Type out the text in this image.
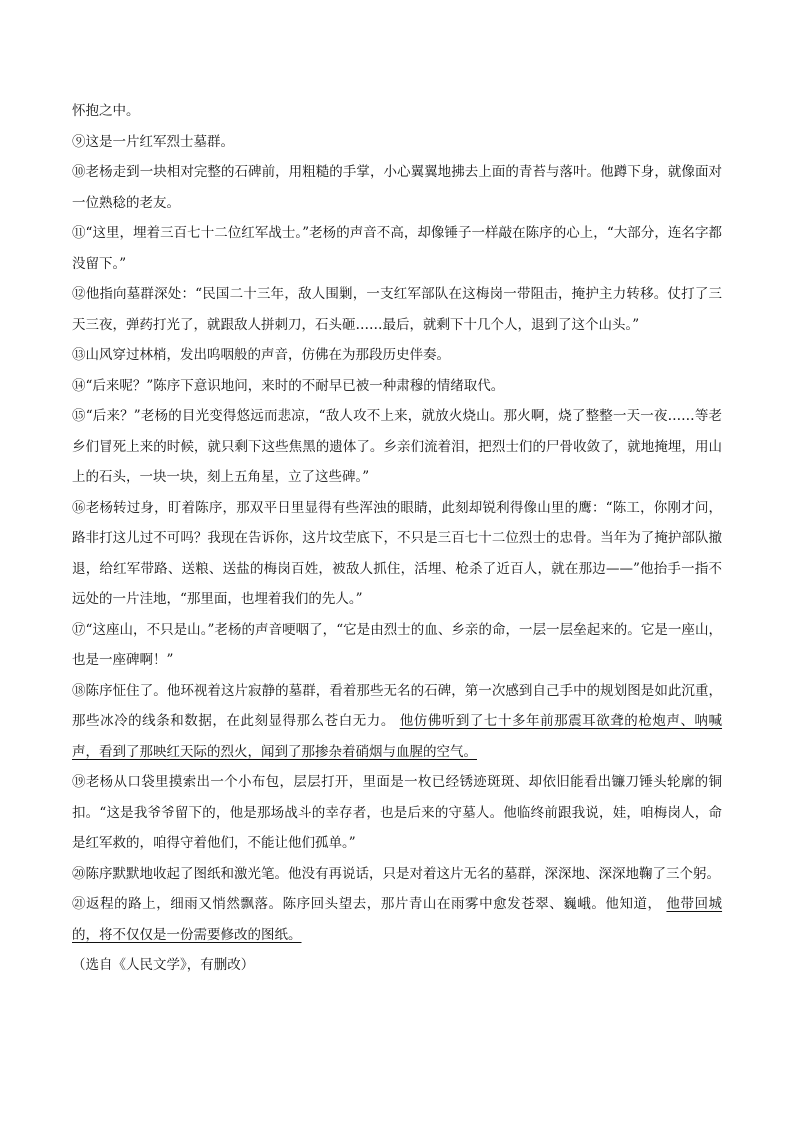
怀抱之中。

⑨这是一片红军烈士墓群。

⑩老杨走到一块相对完整的石碑前，用粗糙的手掌，小心翼翼地拂去上面的青苔与落叶。他蹲下身，就像面对一位熟稔的老友。

⑪“这里，埋着三百七十二位红军战士。”老杨的声音不高，却像锤子一样敲在陈序的心上，“大部分，连名字都没留下。”

⑫他指向墓群深处：“民国二十三年，敌人围剿，一支红军部队在这梅岗一带阻击，掩护主力转移。仗打了三天三夜，弹药打光了，就跟敌人拼刺刀，石头砸……最后，就剩下十几个人，退到了这个山头。”

⑬山风穿过林梢，发出呜咽般的声音，仿佛在为那段历史伴奏。

⑭“后来呢？”陈序下意识地问，来时的不耐早已被一种肃穆的情绪取代。

⑮“后来？”老杨的目光变得悠远而悲凉，“敌人攻不上来，就放火烧山。那火啊，烧了整整一天一夜……等老乡们冒死上来的时候，就只剩下这些焦黑的遗体了。乡亲们流着泪，把烈士们的尸骨收敛了，就地掩埋，用山上的石头，一块一块，刻上五角星，立了这些碑。”

⑯老杨转过身，盯着陈序，那双平日里显得有些浑浊的眼睛，此刻却锐利得像山里的鹰：“陈工，你刚才问，路非打这儿过不可吗？我现在告诉你，这片坟茔底下，不只是三百七十二位烈士的忠骨。当年为了掩护部队撤退，给红军带路、送粮、送盐的梅岗百姓，被敌人抓住，活埋、枪杀了近百人，就在那边——”他抬手一指不远处的一片洼地，“那里面，也埋着我们的先人。”

⑰“这座山，不只是山。”老杨的声音哽咽了，“它是由烈士的血、乡亲的命，一层一层垒起来的。它是一座山，也是一座碑啊！”

⑱陈序怔住了。他环视着这片寂静的墓群，看着那些无名的石碑，第一次感到自己手中的规划图是如此沉重，那些冰冷的线条和数据，在此刻显得那么苍白无力。 他仿佛听到了七十多年前那震耳欲聋的枪炮声、呐喊声，看到了那映红天际的烈火，闻到了那掺杂着硝烟与血腥的空气。

⑲老杨从口袋里摸索出一个小布包，层层打开，里面是一枚已经锈迹斑斑、却依旧能看出镰刀锤头轮廓的铜扣。“这是我爷爷留下的，他是那场战斗的幸存者，也是后来的守墓人。他临终前跟我说，娃，咱梅岗人，命是红军救的，咱得守着他们，不能让他们孤单。”

⑳陈序默默地收起了图纸和激光笔。他没有再说话，只是对着这片无名的墓群，深深地、深深地鞠了三个躬。

㉑返程的路上，细雨又悄然飘落。陈序回头望去，那片青山在雨雾中愈发苍翠、巍峨。他知道， 他带回城的，将不仅仅是一份需要修改的图纸。

（选自《人民文学》，有删改）
